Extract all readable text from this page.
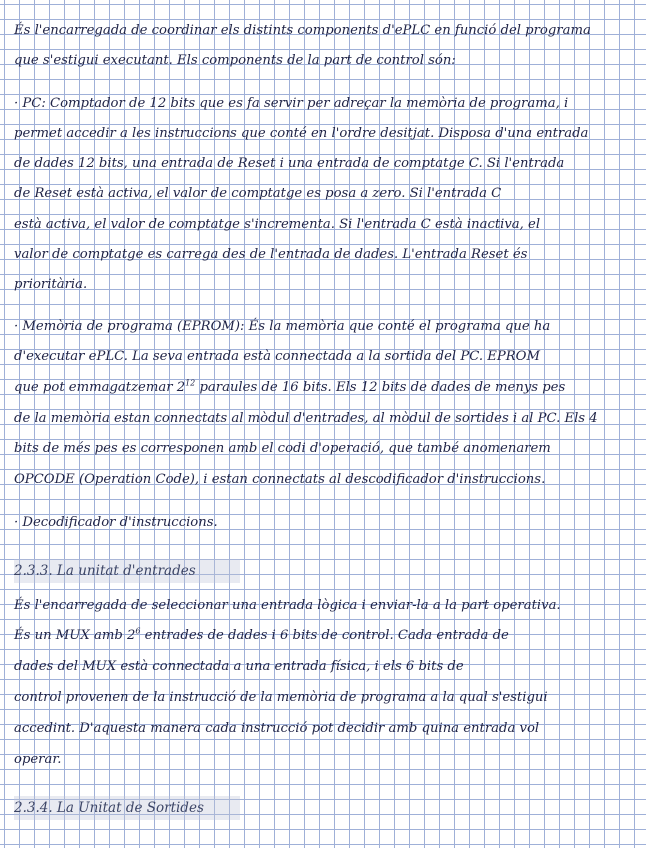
És l'encarregada de coordinar els distints components d'ePLC en funció del programa
que s'estigui executant. Els components de la part de control són:
· PC: Comptador de 12 bits que es fa servir per adreçar la memòria de programa, i
permet accedir a les instruccions que conté en l'ordre desitjat. Disposa d'una entrada
de dades 12 bits, una entrada de Reset i una entrada de comptatge C. Si l'entrada
de Reset està activa, el valor de comptatge es posa a zero. Si l'entrada C
està activa, el valor de comptatge s'incrementa. Si l'entrada C està inactiva, el
valor de comptatge es carrega des de l'entrada de dades. L'entrada Reset és
prioritària.
· Memòria de programa (EPROM): És la memòria que conté el programa que ha
d'executar ePLC. La seva entrada està connectada a la sortida del PC. EPROM
que pot emmagatzemar $2^{12}$ paraules de 16 bits. Els 12 bits de dades de menys pes
de la memòria estan connectats al mòdul d'entrades, al mòdul de sortides i al PC. Els 4
bits de més pes es corresponen amb el codi d'operació, que també anomenarem
OPCODE (Operation Code), i estan connectats al descodificador d'instruccions.
· Decodificador d'instruccions.
2.3.3. La unitat d'entrades
És l'encarregada de seleccionar una entrada lògica i enviar-la a la part operativa.
És un MUX amb $2^6$ entrades de dades i 6 bits de control. Cada entrada de
dades del MUX està connectada a una entrada física, i els 6 bits de
control provenen de la instrucció de la memòria de programa a la qual s'estigui
accedint. D'aquesta manera cada instrucció pot decidir amb quina entrada vol
operar.
2.3.4. La Unitat de Sortides
